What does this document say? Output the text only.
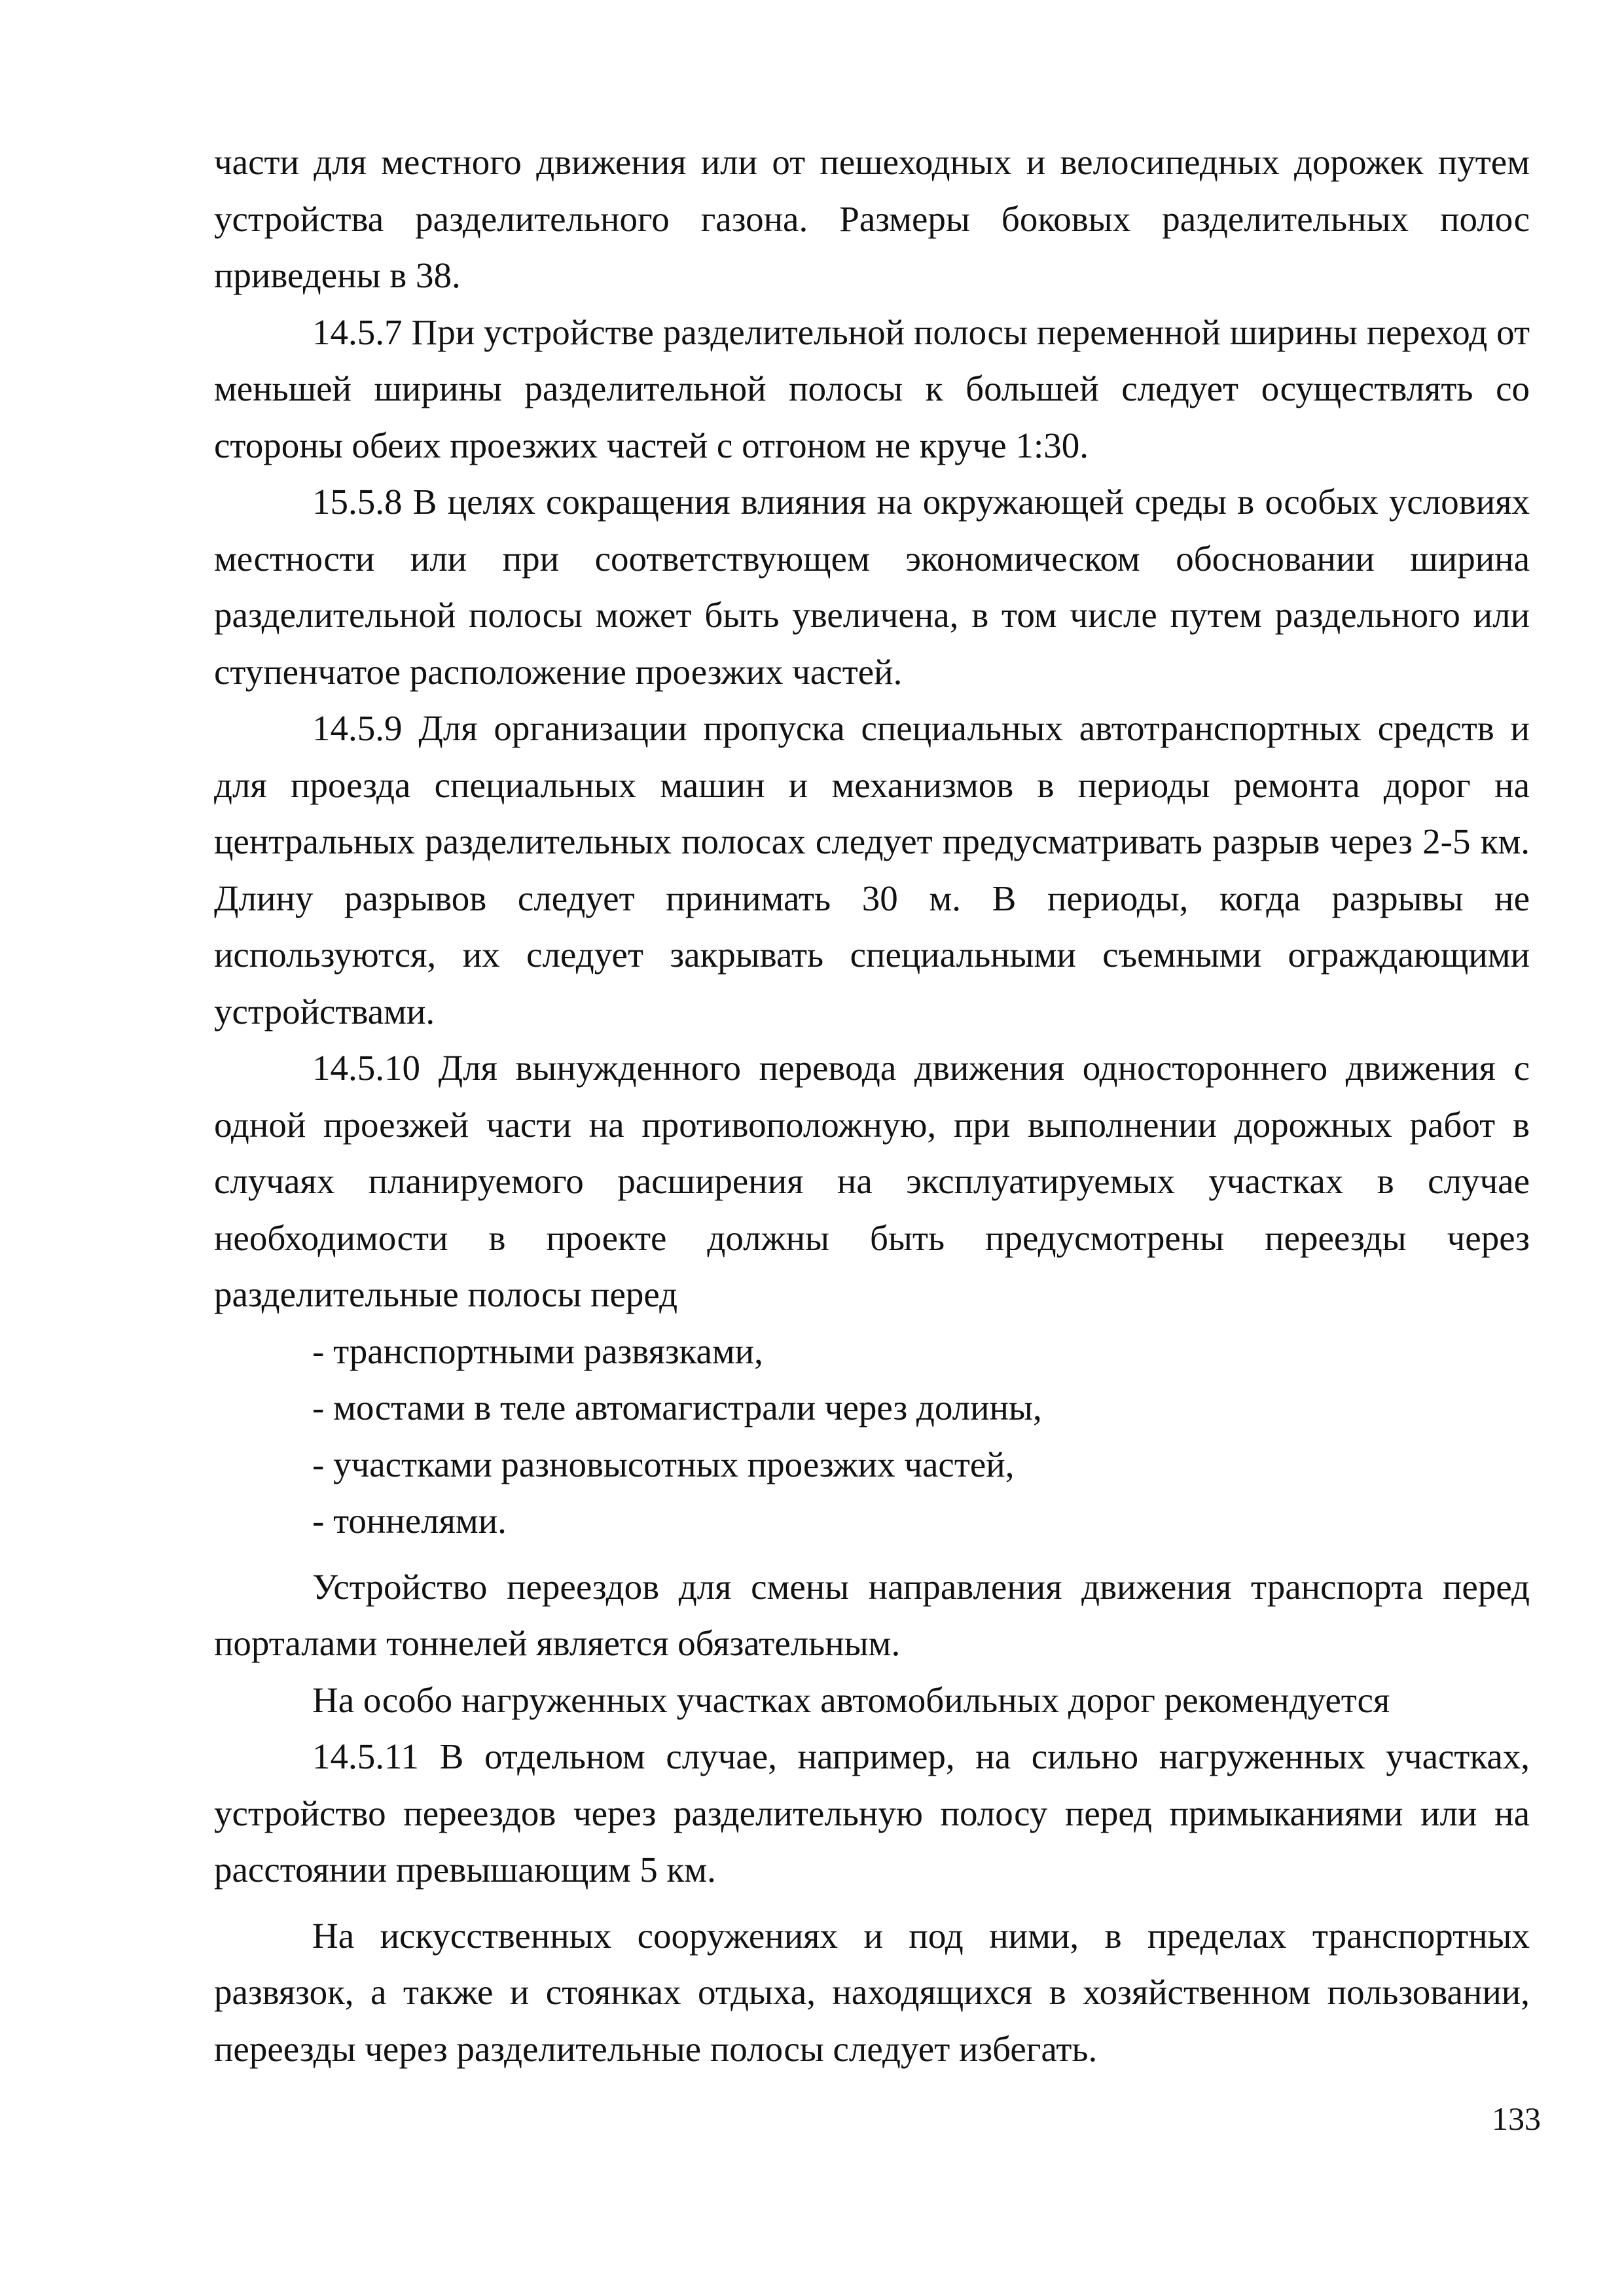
части для местного движения или от пешеходных и велосипедных дорожек путем устройства разделительного газона. Размеры боковых разделительных полос приведены в 38.

14.5.7 При устройстве разделительной полосы переменной ширины переход от меньшей ширины разделительной полосы к большей следует осуществлять со стороны обеих проезжих частей с отгоном не круче 1:30.

15.5.8 В целях сокращения влияния на окружающей среды в особых условиях местности или при соответствующем экономическом обосновании ширина разделительной полосы может быть увеличена, в том числе путем раздельного или ступенчатое расположение проезжих частей.

14.5.9 Для организации пропуска специальных автотранспортных средств и для проезда специальных машин и механизмов в периоды ремонта дорог на центральных разделительных полосах следует предусматривать разрыв через 2-5 км. Длину разрывов следует принимать 30 м. В периоды, когда разрывы не используются, их следует закрывать специальными съемными ограждающими устройствами.

14.5.10 Для вынужденного перевода движения одностороннего движения с одной проезжей части на противоположную, при выполнении дорожных работ в случаях планируемого расширения на эксплуатируемых участках в случае необходимости в проекте должны быть предусмотрены переезды через разделительные полосы перед

- транспортными развязками,

- мостами в теле автомагистрали через долины,

- участками разновысотных проезжих частей,

- тоннелями.

Устройство переездов для смены направления движения транспорта перед порталами тоннелей является обязательным.

На особо нагруженных участках автомобильных дорог рекомендуется

14.5.11 В отдельном случае, например, на сильно нагруженных участках, устройство переездов через разделительную полосу перед примыканиями или на расстоянии превышающим 5 км.

На искусственных сооружениях и под ними, в пределах транспортных развязок, а также и стоянках отдыха, находящихся в хозяйственном пользовании, переезды через разделительные полосы следует избегать.

133
